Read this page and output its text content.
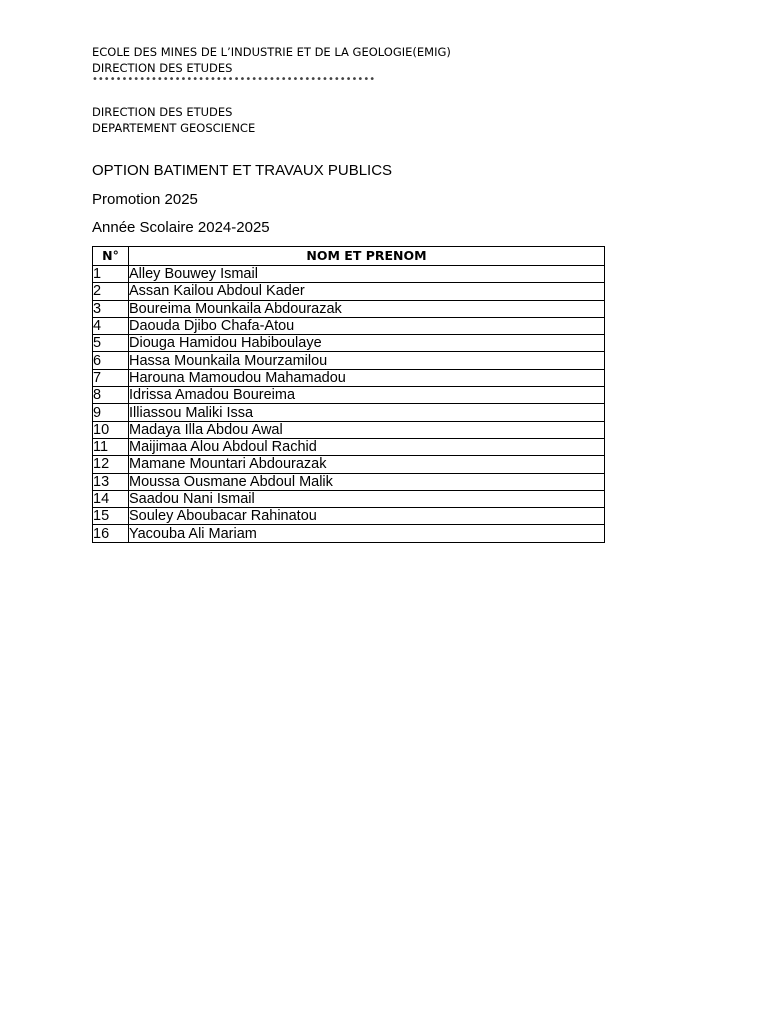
ECOLE DES MINES DE L’INDUSTRIE ET DE LA GEOLOGIE(EMIG)
DIRECTION DES ETUDES
••••••••••••••••••••••••••••••••••••••••••••••••
DIRECTION DES ETUDES
DEPARTEMENT GEOSCIENCE
OPTION BATIMENT ET TRAVAUX PUBLICS
Promotion 2025
Année Scolaire 2024-2025
N°	NOM ET PRENOM
1	Alley Bouwey Ismail
2	Assan Kailou Abdoul Kader
3	Boureima Mounkaila Abdourazak
4	Daouda Djibo Chafa-Atou
5	Diouga Hamidou Habiboulaye
6	Hassa Mounkaila Mourzamilou
7	Harouna Mamoudou Mahamadou
8	Idrissa Amadou Boureima
9	Illiassou Maliki Issa
10	Madaya Illa Abdou Awal
11	Maijimaa Alou Abdoul Rachid
12	Mamane Mountari Abdourazak
13	Moussa Ousmane Abdoul Malik
14	Saadou Nani Ismail
15	Souley Aboubacar Rahinatou
16	Yacouba Ali Mariam
